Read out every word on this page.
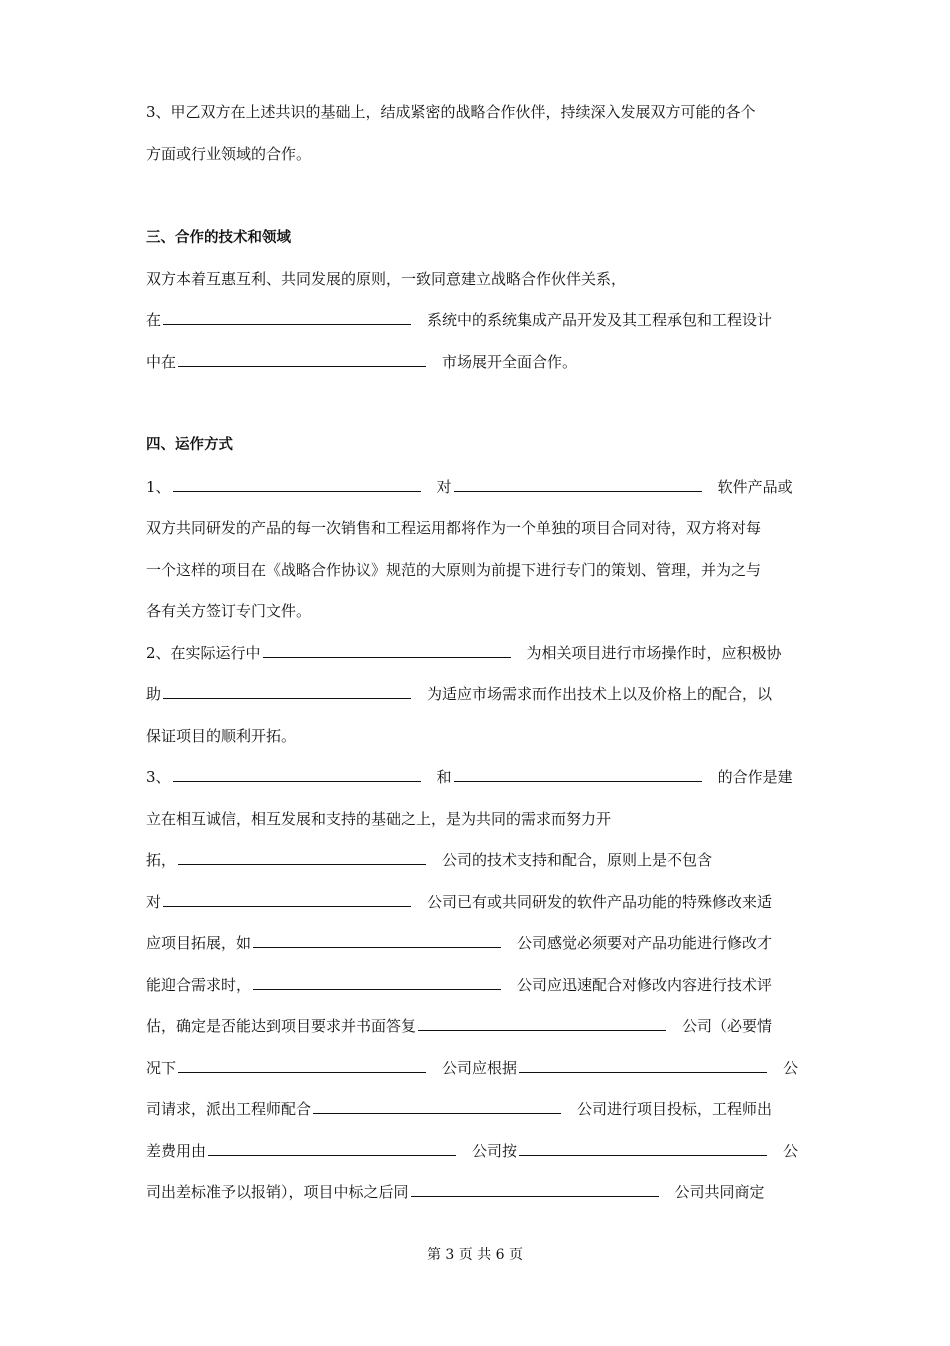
3、甲乙双方在上述共识的基础上，结成紧密的战略合作伙伴，持续深入发展双方可能的各个
方面或行业领域的合作。
三、合作的技术和领域
双方本着互惠互利、共同发展的原则，一致同意建立战略合作伙伴关系，
在	系统中的系统集成产品开发及其工程承包和工程设计
中在	市场展开全面合作。
四、运作方式
1、	对	软件产品或
双方共同研发的产品的每一次销售和工程运用都将作为一个单独的项目合同对待，双方将对每
一个这样的项目在《战略合作协议》规范的大原则为前提下进行专门的策划、管理，并为之与
各有关方签订专门文件。
2、在实际运行中	为相关项目进行市场操作时，应积极协
助	为适应市场需求而作出技术上以及价格上的配合，以
保证项目的顺利开拓。
3、	和	的合作是建
立在相互诚信，相互发展和支持的基础之上，是为共同的需求而努力开
拓，	公司的技术支持和配合，原则上是不包含
对	公司已有或共同研发的软件产品功能的特殊修改来适
应项目拓展，如	公司感觉必须要对产品功能进行修改才
能迎合需求时，	公司应迅速配合对修改内容进行技术评
估，确定是否能达到项目要求并书面答复	公司（必要情
况下	公司应根据	公
司请求，派出工程师配合	公司进行项目投标，工程师出
差费用由	公司按	公
司出差标准予以报销），项目中标之后同	公司共同商定
第 3 页 共 6 页
